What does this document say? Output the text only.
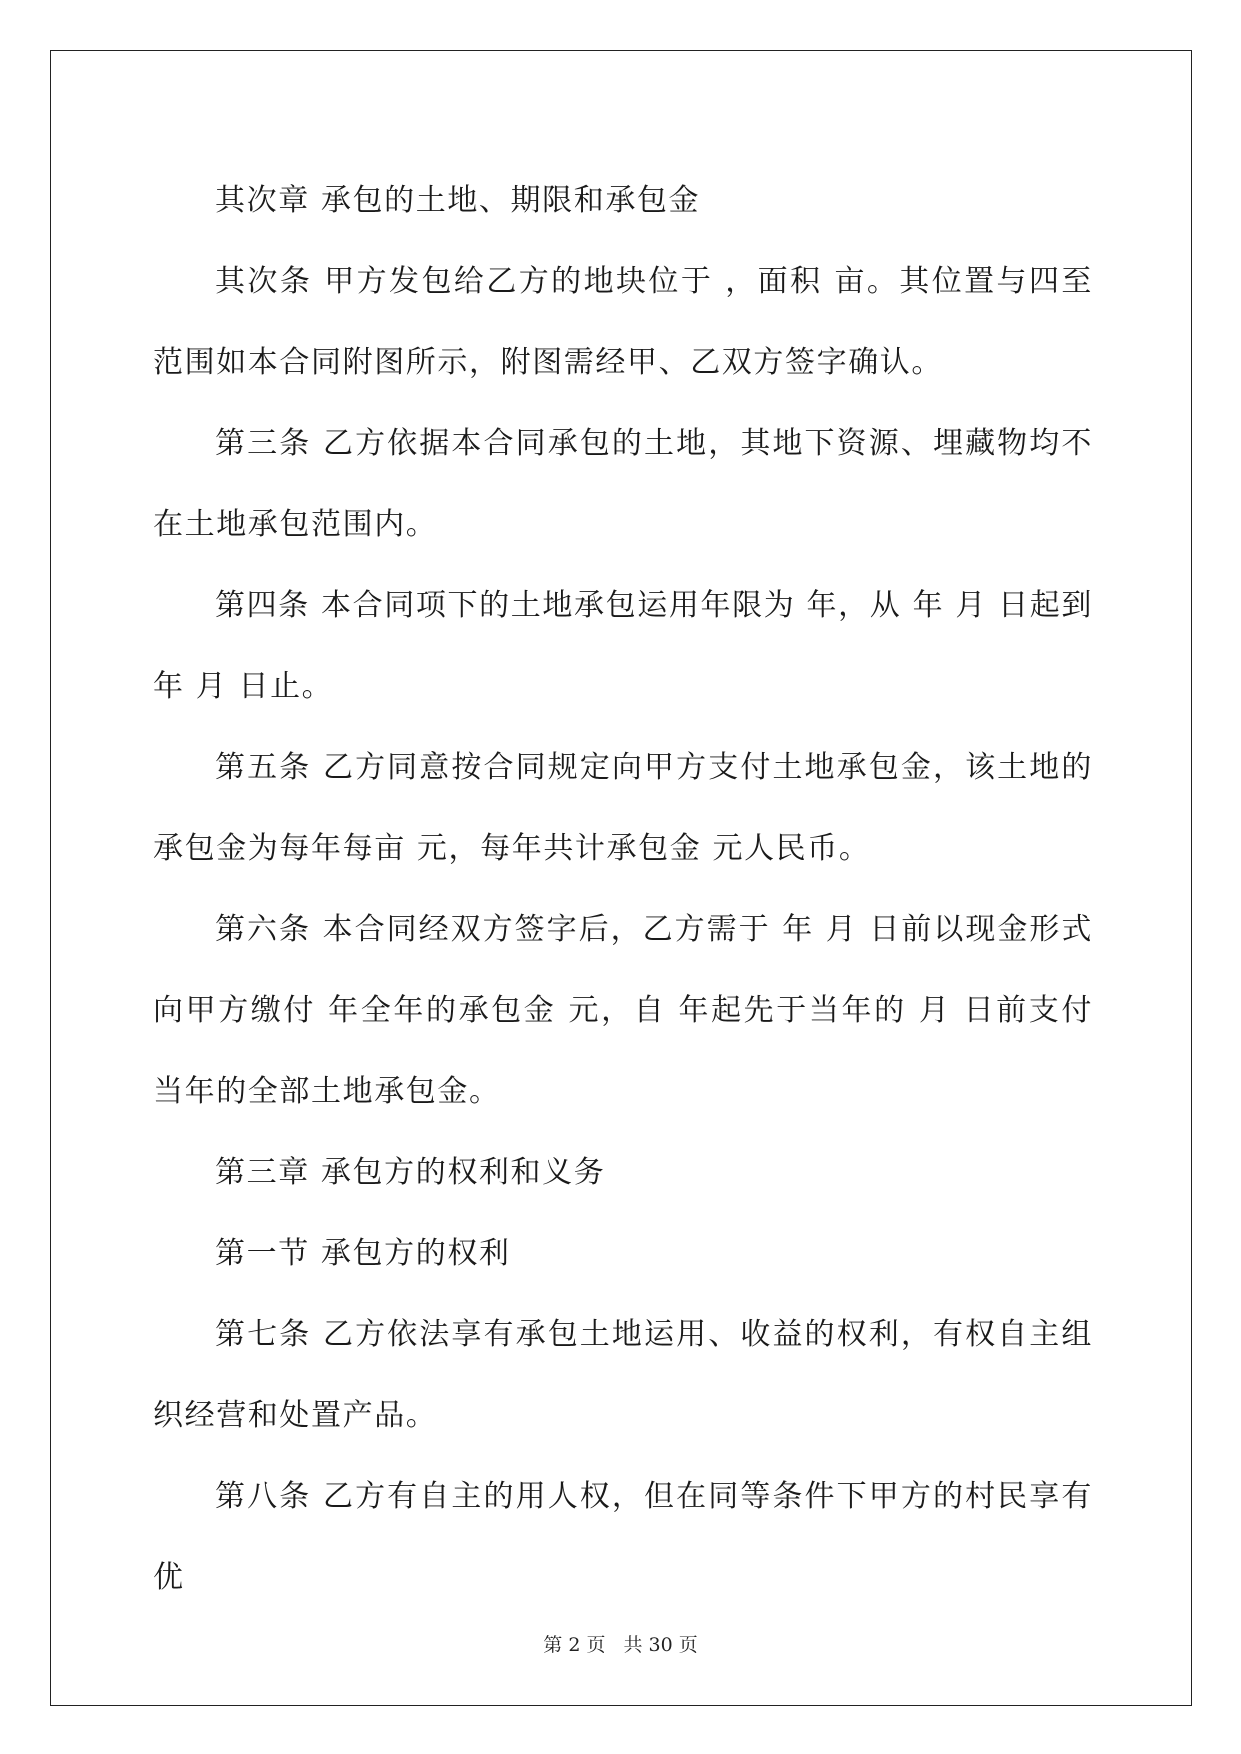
其次章 承包的土地、期限和承包金

其次条 甲方发包给乙方的地块位于 ，面积 亩。其位置与四至范围如本合同附图所示，附图需经甲、乙双方签字确认。

第三条 乙方依据本合同承包的土地，其地下资源、埋藏物均不在土地承包范围内。

第四条 本合同项下的土地承包运用年限为 年，从 年 月 日起到 年 月 日止。

第五条 乙方同意按合同规定向甲方支付土地承包金，该土地的承包金为每年每亩 元，每年共计承包金 元人民币。

第六条 本合同经双方签字后，乙方需于 年 月 日前以现金形式向甲方缴付 年全年的承包金 元，自 年起先于当年的 月 日前支付当年的全部土地承包金。

第三章 承包方的权利和义务

第一节 承包方的权利

第七条 乙方依法享有承包土地运用、收益的权利，有权自主组织经营和处置产品。

第八条 乙方有自主的用人权，但在同等条件下甲方的村民享有优

第 2 页 共 30 页
